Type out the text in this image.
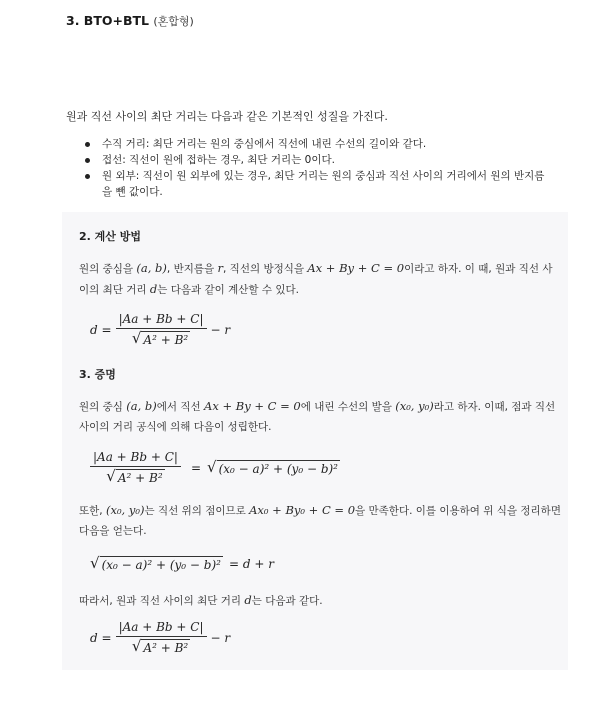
3. BTO+BTL (혼합형)
원과 직선 사이의 최단 거리는 다음과 같은 기본적인 성질을 가진다.
수직 거리: 최단 거리는 원의 중심에서 직선에 내린 수선의 길이와 같다.
접선: 직선이 원에 접하는 경우, 최단 거리는 0이다.
원 외부: 직선이 원 외부에 있는 경우, 최단 거리는 원의 중심과 직선 사이의 거리에서 원의 반지름을 뺀 값이다.
2. 계산 방법
원의 중심을 (a, b), 반지름을 r, 직선의 방정식을 Ax + By + C = 0이라고 하자. 이 때, 원과 직선 사이의 최단 거리 d는 다음과 같이 계산할 수 있다.
$d = \frac{|Aa + Bb + C|}{\text{√ A² + B²}} - r$
3. 증명
원의 중심 (a, b)에서 직선 Ax + By + C = 0에 내린 수선의 발을 (x₀, y₀)라고 하자. 이때, 점과 직선 사이의 거리 공식에 의해 다음이 성립한다.
$\frac{|Aa + Bb + C|}{\text{√ A² + B²}}$ = √ (x₀ − a)² + (y₀ − b)²
또한, (x₀, y₀)는 직선 위의 점이므로 Ax₀ + By₀ + C = 0을 만족한다. 이를 이용하여 위 식을 정리하면 다음을 얻는다.
√ (x₀ − a)² + (y₀ − b)² = d + r
따라서, 원과 직선 사이의 최단 거리 d는 다음과 같다.
$d = \frac{|Aa + Bb + C|}{\text{√ A² + B²}} - r$
